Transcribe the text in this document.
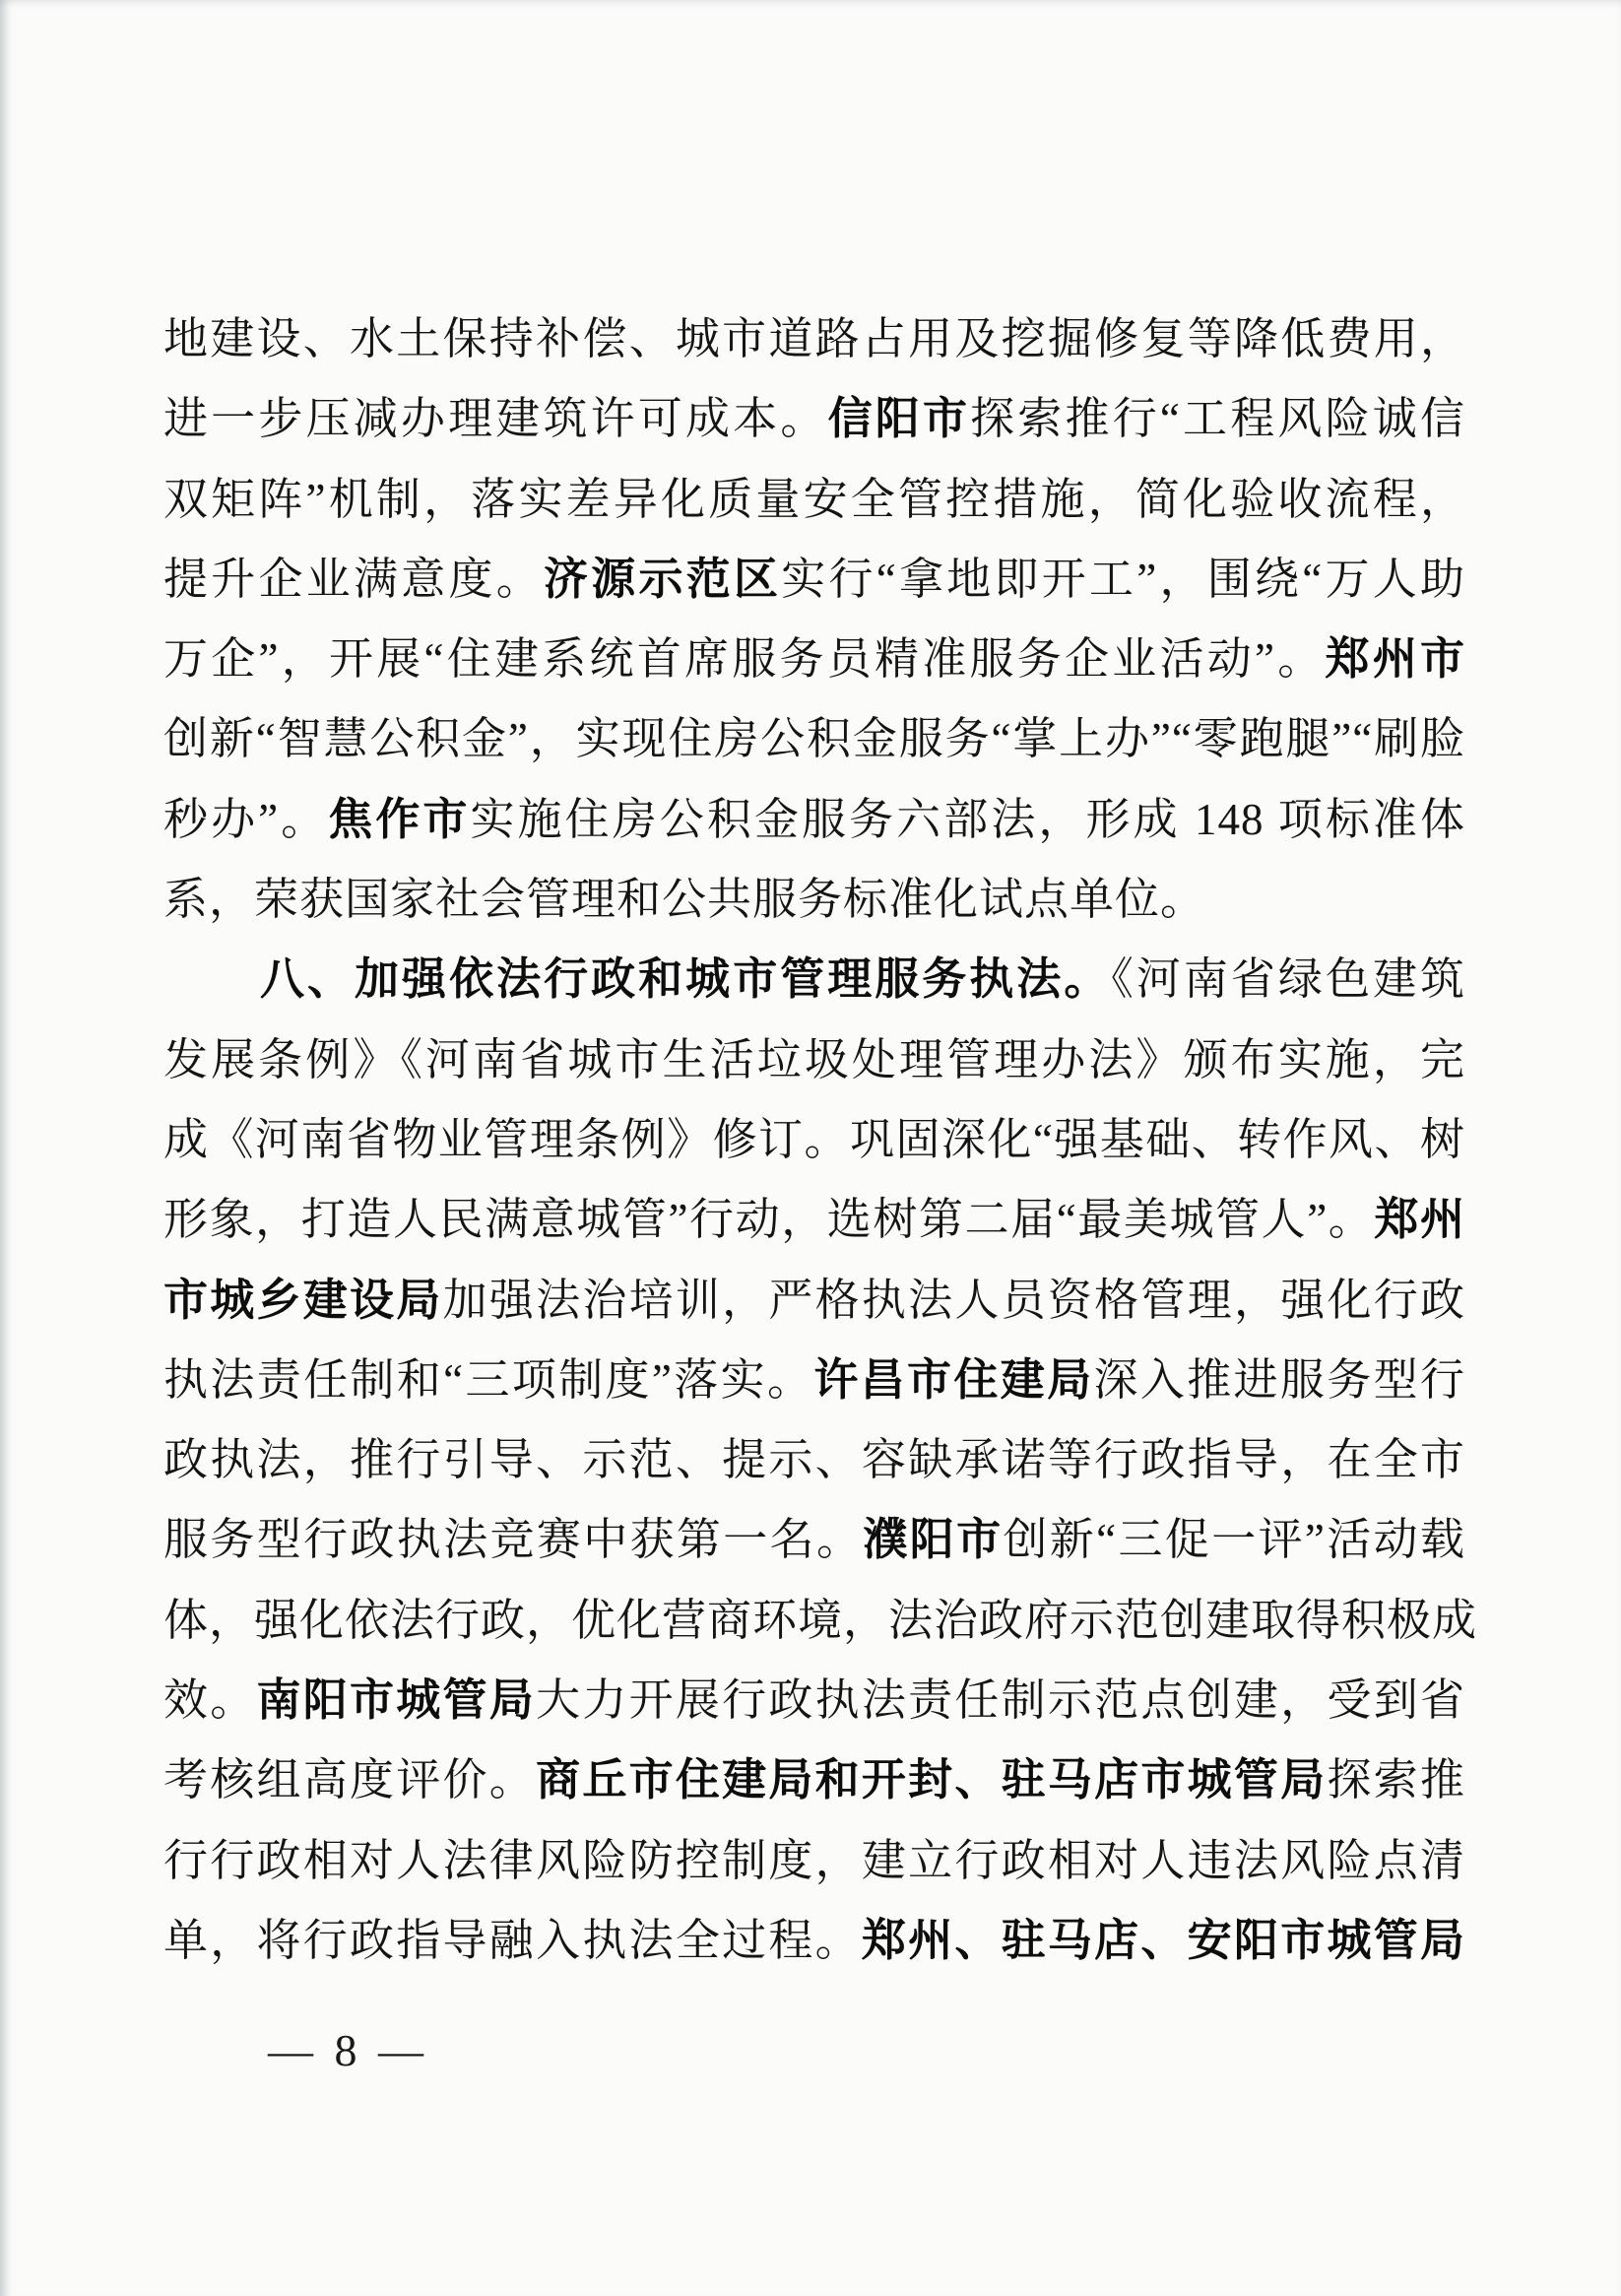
地建设、水土保持补偿、城市道路占用及挖掘修复等降低费用，
进一步压减办理建筑许可成本。信阳市探索推行“工程风险诚信
双矩阵”机制，落实差异化质量安全管控措施，简化验收流程，
提升企业满意度。济源示范区实行“拿地即开工”，围绕“万人助
万企”，开展“住建系统首席服务员精准服务企业活动”。郑州市
创新“智慧公积金”，实现住房公积金服务“掌上办”“零跑腿”“刷脸
秒办”。焦作市实施住房公积金服务六部法，形成 148 项标准体
系，荣获国家社会管理和公共服务标准化试点单位。
八、加强依法行政和城市管理服务执法。《河南省绿色建筑
发展条例》《河南省城市生活垃圾处理管理办法》颁布实施，完
成《河南省物业管理条例》修订。巩固深化“强基础、转作风、树
形象，打造人民满意城管”行动，选树第二届“最美城管人”。郑州
市城乡建设局加强法治培训，严格执法人员资格管理，强化行政
执法责任制和“三项制度”落实。许昌市住建局深入推进服务型行
政执法，推行引导、示范、提示、容缺承诺等行政指导，在全市
服务型行政执法竞赛中获第一名。濮阳市创新“三促一评”活动载
体，强化依法行政，优化营商环境，法治政府示范创建取得积极成
效。南阳市城管局大力开展行政执法责任制示范点创建，受到省
考核组高度评价。商丘市住建局和开封、驻马店市城管局探索推
行行政相对人法律风险防控制度，建立行政相对人违法风险点清
单，将行政指导融入执法全过程。郑州、驻马店、安阳市城管局
— 8 —
